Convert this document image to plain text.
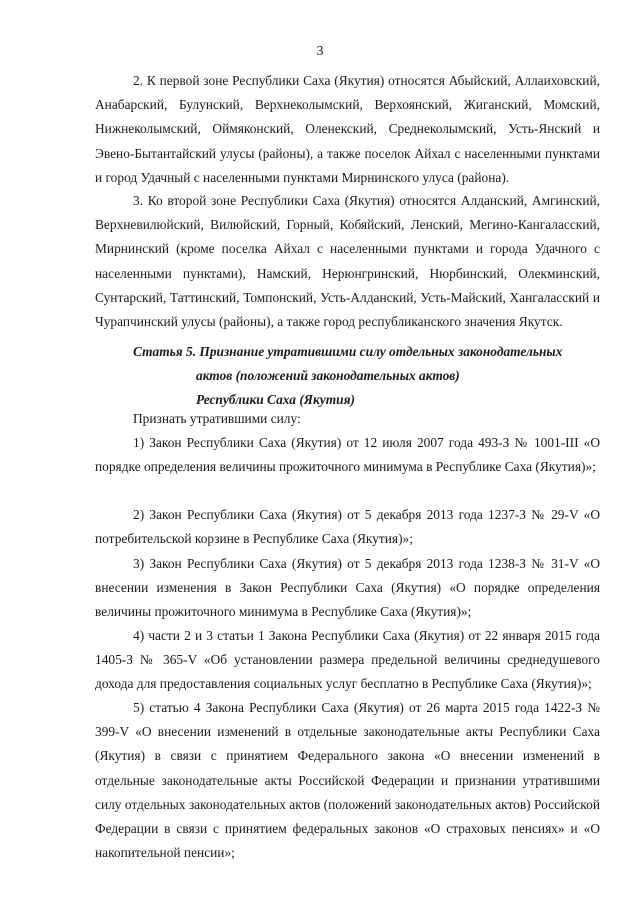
3

2. К первой зоне Республики Саха (Якутия) относятся Абыйский, Аллаиховский, Анабарский, Булунский, Верхнеколымский, Верхоянский, Жиганский, Момский, Нижнеколымский, Оймяконский, Оленекский, Среднеколымский, Усть-Янский и Эвено-Бытантайский улусы (районы), а также поселок Айхал с населенными пунктами и город Удачный с населенными пунктами Мирнинского улуса (района).

3. Ко второй зоне Республики Саха (Якутия) относятся Алданский, Амгинский, Верхневилюйский, Вилюйский, Горный, Кобяйский, Ленский, Мегино-Кангаласский, Мирнинский (кроме поселка Айхал с населенными пунктами и города Удачного с населенными пунктами), Намский, Нерюнгринский, Нюрбинский, Олекминский, Сунтарский, Таттинский, Томпонский, Усть-Алданский, Усть-Майский, Хангаласский и Чурапчинский улусы (районы), а также город республиканского значения Якутск.

Статья 5. Признание утратившими силу отдельных законодательных
актов (положений законодательных актов)
Республики Саха (Якутия)

Признать утратившими силу:

1) Закон Республики Саха (Якутия) от 12 июля 2007 года 493-З № 1001-III «О порядке определения величины прожиточного минимума в Республике Саха (Якутия)»;

2) Закон Республики Саха (Якутия) от 5 декабря 2013 года 1237-З № 29-V «О потребительской корзине в Республике Саха (Якутия)»;

3) Закон Республики Саха (Якутия) от 5 декабря 2013 года 1238-З № 31-V «О внесении изменения в Закон Республики Саха (Якутия) «О порядке определения величины прожиточного минимума в Республике Саха (Якутия)»;

4) части 2 и 3 статьи 1 Закона Республики Саха (Якутия) от 22 января 2015 года 1405-З № 365-V «Об установлении размера предельной величины среднедушевого дохода для предоставления социальных услуг бесплатно в Республике Саха (Якутия)»;

5) статью 4 Закона Республики Саха (Якутия) от 26 марта 2015 года 1422-З № 399-V «О внесении изменений в отдельные законодательные акты Республики Саха (Якутия) в связи с принятием Федерального закона «О внесении изменений в отдельные законодательные акты Российской Федерации и признании утратившими силу отдельных законодательных актов (положений законодательных актов) Российской Федерации в связи с принятием федеральных законов «О страховых пенсиях» и «О накопительной пенсии»;
